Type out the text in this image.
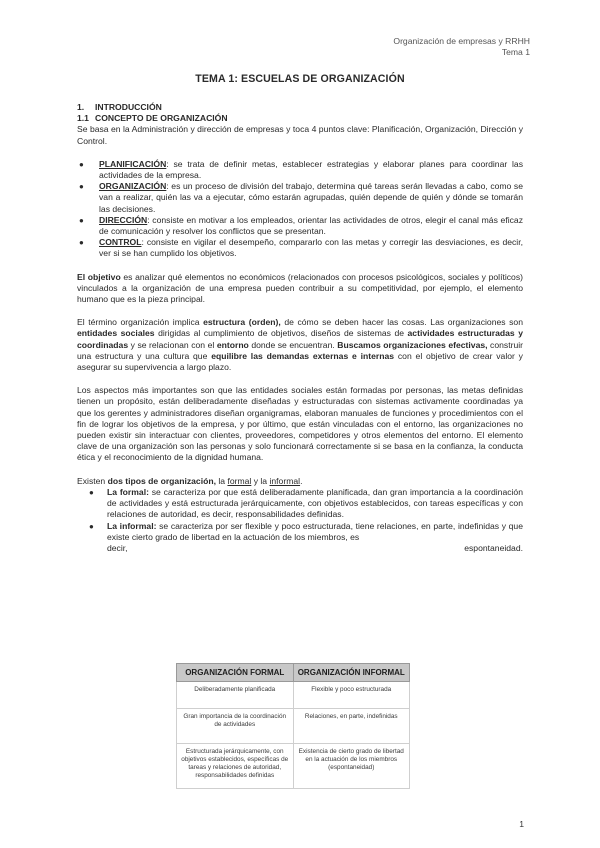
Organización de empresas y RRHH
Tema 1
TEMA 1: ESCUELAS DE ORGANIZACIÓN
1.	INTRODUCCIÓN
1.1 CONCEPTO DE ORGANIZACIÓN

Se basa en la Administración y dirección de empresas y toca 4 puntos clave: Planificación, Organización, Dirección y Control.

● PLANIFICACIÓN: se trata de definir metas, establecer estrategias y elaborar planes para coordinar las actividades de la empresa.
● ORGANIZACIÓN: es un proceso de división del trabajo, determina qué tareas serán llevadas a cabo, como se van a realizar, quién las va a ejecutar, cómo estarán agrupadas, quién depende de quién y dónde se tomarán las decisiones.
● DIRECCIÓN: consiste en motivar a los empleados, orientar las actividades de otros, elegir el canal más eficaz de comunicación y resolver los conflictos que se presentan.
● CONTROL: consiste en vigilar el desempeño, compararlo con las metas y corregir las desviaciones, es decir, ver si se han cumplido los objetivos.

El objetivo es analizar qué elementos no económicos (relacionados con procesos psicológicos, sociales y políticos) vinculados a la organización de una empresa pueden contribuir a su competitividad, por ejemplo, el elemento humano que es la pieza principal.

El término organización implica estructura (orden), de cómo se deben hacer las cosas. Las organizaciones son entidades sociales dirigidas al cumplimiento de objetivos, diseños de sistemas de actividades estructuradas y coordinadas y se relacionan con el entorno donde se encuentran. Buscamos organizaciones efectivas, construir una estructura y una cultura que equilibre las demandas externas e internas con el objetivo de crear valor y asegurar su supervivencia a largo plazo.

Los aspectos más importantes son que las entidades sociales están formadas por personas, las metas definidas tienen un propósito, están deliberadamente diseñadas y estructuradas con sistemas activamente coordinadas ya que los gerentes y administradores diseñan organigramas, elaboran manuales de funciones y procedimientos con el fin de lograr los objetivos de la empresa, y por último, que están vinculadas con el entorno, las organizaciones no pueden existir sin interactuar con clientes, proveedores, competidores y otros elementos del entorno. El elemento clave de una organización son las personas y solo funcionará correctamente si se basa en la confianza, la conducta ética y el reconocimiento de la dignidad humana.

Existen dos tipos de organización, la formal y la informal.

● La formal: se caracteriza por que está deliberadamente planificada, dan gran importancia a la coordinación de actividades y está estructurada jerárquicamente, con objetivos establecidos, con tareas específicas y con relaciones de autoridad, es decir, responsabilidades definidas.
● La informal: se caracteriza por ser flexible y poco estructurada, tiene relaciones, en parte, indefinidas y que existe cierto grado de libertad en la actuación de los miembros, es
decir,	espontaneidad.
ORGANIZACIÓN FORMAL	ORGANIZACIÓN INFORMAL
Deliberadamente planificada	Flexible y poco estructurada
Gran importancia de la coordinación de actividades	Relaciones, en parte, indefinidas
Estructurada jerárquicamente, con objetivos establecidos, específicas de tareas y relaciones de autoridad, responsabilidades definidas	Existencia de cierto grado de libertad en la actuación de los miembros (espontaneidad)
1
